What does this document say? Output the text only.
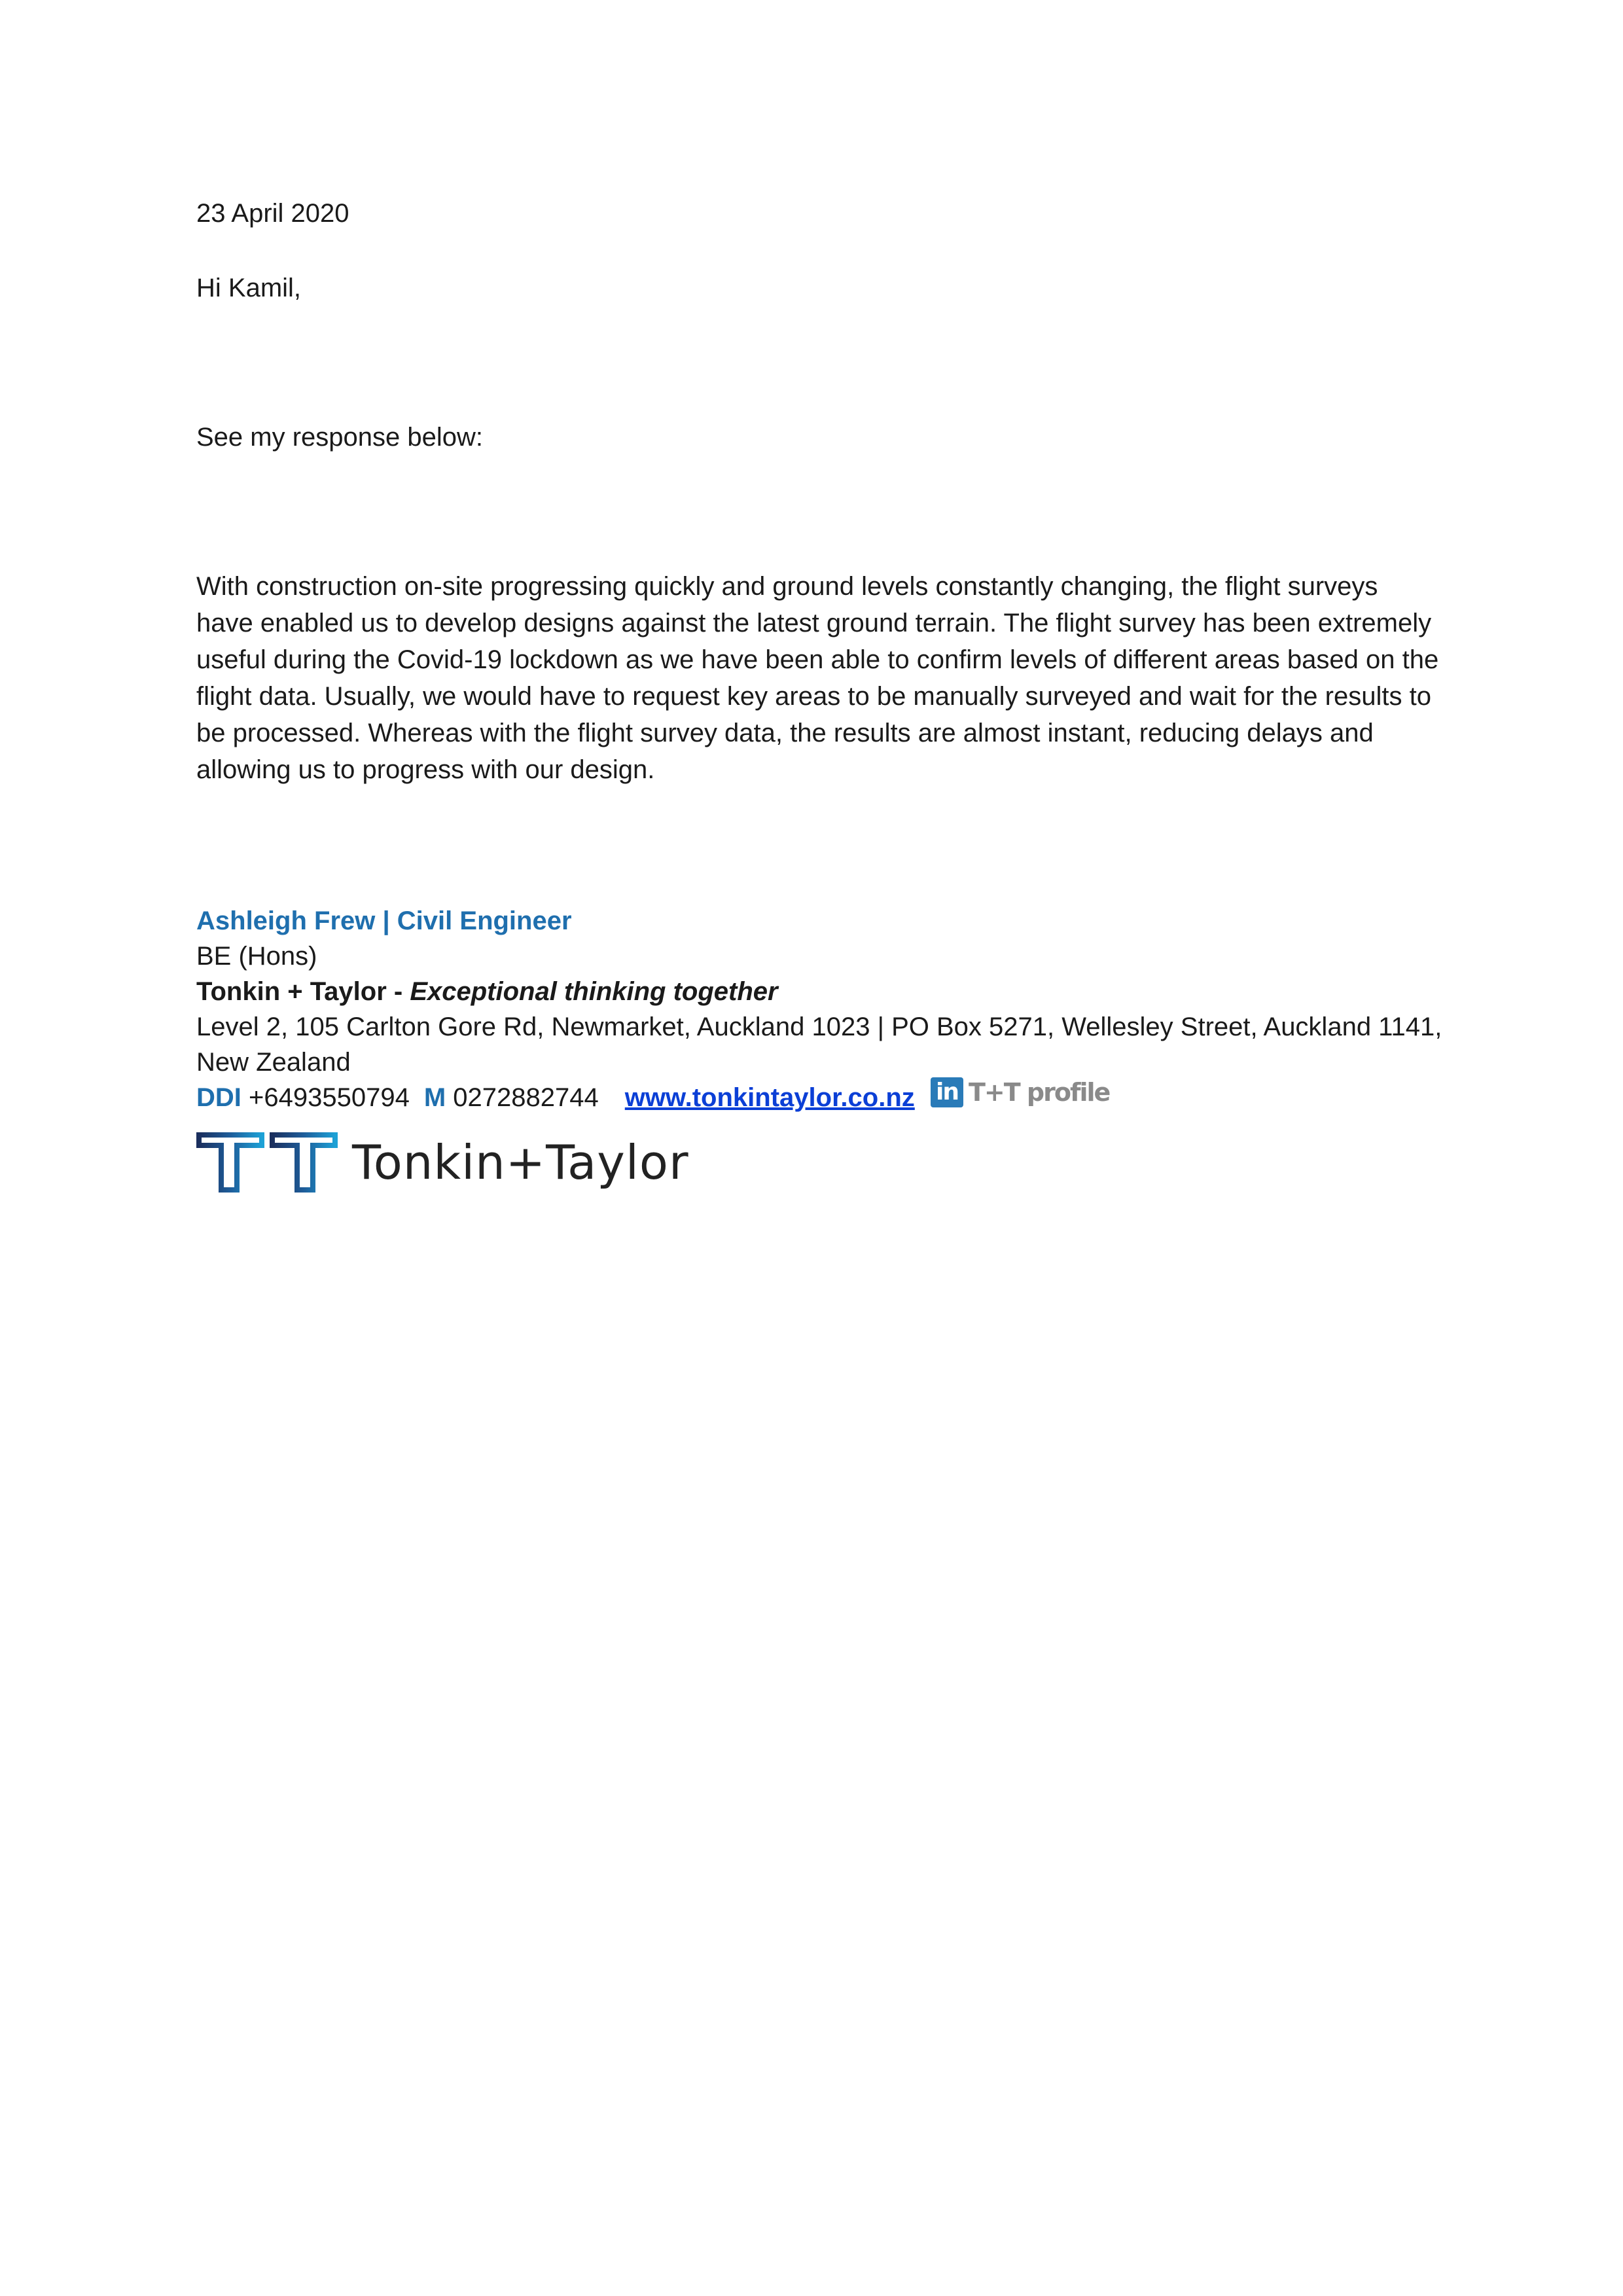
23 April 2020

Hi Kamil,

See my response below:

With construction on-site progressing quickly and ground levels constantly changing, the flight surveys have enabled us to develop designs against the latest ground terrain. The flight survey has been extremely useful during the Covid-19 lockdown as we have been able to confirm levels of different areas based on the flight data. Usually, we would have to request key areas to be manually surveyed and wait for the results to be processed. Whereas with the flight survey data, the results are almost instant, reducing delays and allowing us to progress with our design.

Ashleigh Frew | Civil Engineer

BE (Hons)

Tonkin + Taylor - Exceptional thinking together

Level 2, 105 Carlton Gore Rd, Newmarket, Auckland 1023 | PO Box 5271, Wellesley Street, Auckland 1141, New Zealand

DDI +6493550794 M 0272882744 www.tonkintaylor.co.nz in T+T profile
Tonkin+Taylor
